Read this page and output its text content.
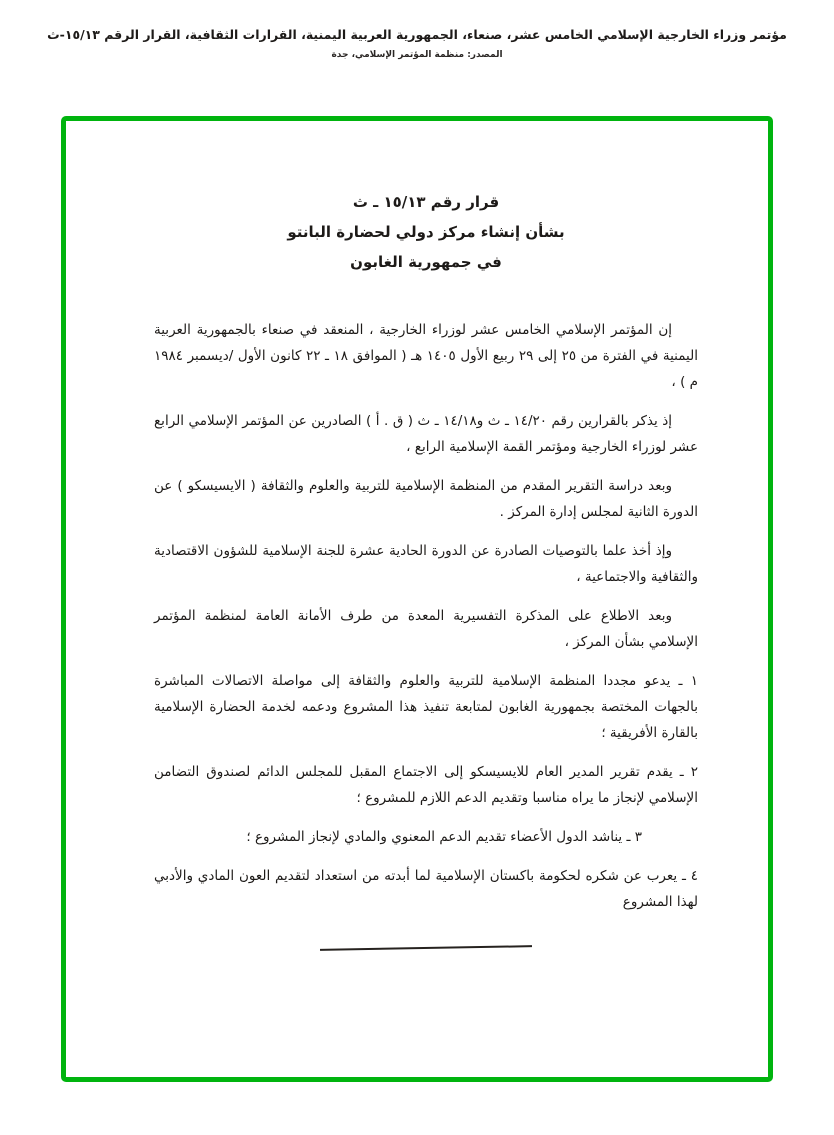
مؤتمر وزراء الخارجية الإسلامي الخامس عشر، صنعاء، الجمهورية العربية اليمنية، القرارات الثقافية، القرار الرقم ١٥/١٣-ث
المصدر: منظمة المؤتمر الإسلامي، جدة
قرار رقم ١٥/١٣ ـ ث
بشأن إنشاء مركز دولي لحضارة البانتو
في جمهورية الغابون

إن المؤتمر الإسلامي الخامس عشر لوزراء الخارجية ، المنعقد في صنعاء بالجمهورية العربية اليمنية في الفترة من ٢٥ إلى ٢٩ ربيع الأول ١٤٠٥ هـ ( الموافق ١٨ ـ ٢٢ كانون الأول /ديسمبر ١٩٨٤ م ) ،

إذ يذكر بالقرارين رقم ١٤/٢٠ ـ ث و١٤/١٨ ـ ث ( ق . أ ) الصادرين عن المؤتمر الإسلامي الرابع عشر لوزراء الخارجية ومؤتمر القمة الإسلامية الرابع ،

وبعد دراسة التقرير المقدم من المنظمة الإسلامية للتربية والعلوم والثقافة ( الايسيسكو ) عن الدورة الثانية لمجلس إدارة المركز .

وإذ أخذ علما بالتوصيات الصادرة عن الدورة الحادية عشرة للجنة الإسلامية للشؤون الاقتصادية والثقافية والاجتماعية ،

وبعد الاطلاع على المذكرة التفسيرية المعدة من طرف الأمانة العامة لمنظمة المؤتمر الإسلامي بشأن المركز ،

١ ـ يدعو مجددا المنظمة الإسلامية للتربية والعلوم والثقافة إلى مواصلة الاتصالات المباشرة بالجهات المختصة بجمهورية الغابون لمتابعة تنفيذ هذا المشروع ودعمه لخدمة الحضارة الإسلامية بالقارة الأفريقية ؛

٢ ـ يقدم تقرير المدير العام للايسيسكو إلى الاجتماع المقبل للمجلس الدائم لصندوق التضامن الإسلامي لإنجاز ما يراه مناسبا وتقديم الدعم اللازم للمشروع ؛

٣ ـ يناشد الدول الأعضاء تقديم الدعم المعنوي والمادي لإنجاز المشروع ؛

٤ ـ يعرب عن شكره لحكومة باكستان الإسلامية لما أبدته من استعداد لتقديم العون المادي والأدبي لهذا المشروع
